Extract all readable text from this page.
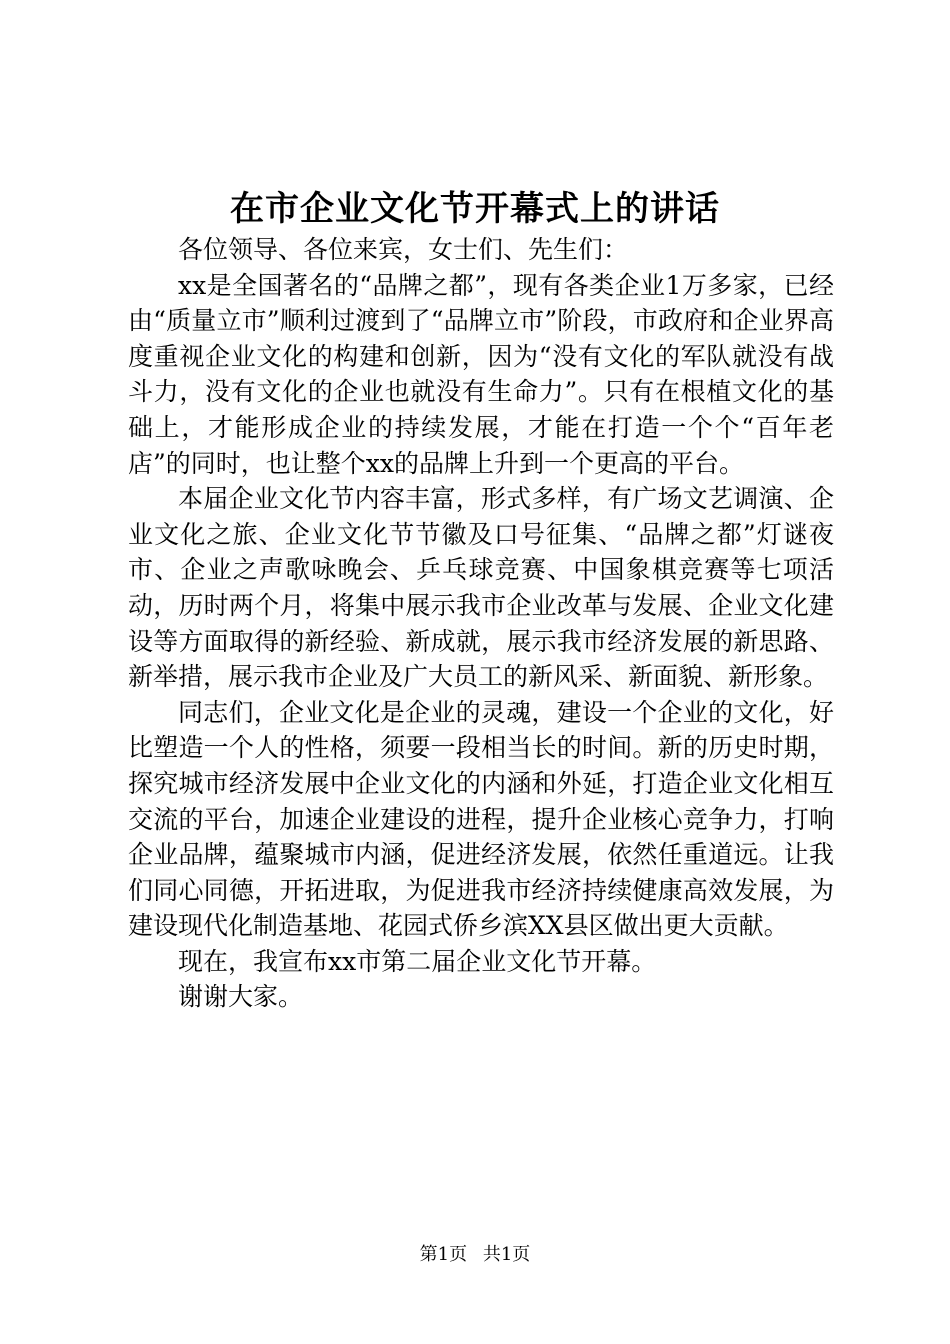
在市企业文化节开幕式上的讲话

各位领导、各位来宾，女士们、先生们：

xx是全国著名的“品牌之都”，现有各类企业1万多家，已经由“质量立市”顺利过渡到了“品牌立市”阶段，市政府和企业界高度重视企业文化的构建和创新，因为“没有文化的军队就没有战斗力，没有文化的企业也就没有生命力”。只有在根植文化的基础上，才能形成企业的持续发展，才能在打造一个个“百年老店”的同时，也让整个xx的品牌上升到一个更高的平台。

本届企业文化节内容丰富，形式多样，有广场文艺调演、企业文化之旅、企业文化节节徽及口号征集、“品牌之都”灯谜夜市、企业之声歌咏晚会、乒乓球竞赛、中国象棋竞赛等七项活动，历时两个月，将集中展示我市企业改革与发展、企业文化建设等方面取得的新经验、新成就，展示我市经济发展的新思路、新举措，展示我市企业及广大员工的新风采、新面貌、新形象。

同志们，企业文化是企业的灵魂，建设一个企业的文化，好比塑造一个人的性格，须要一段相当长的时间。新的历史时期，探究城市经济发展中企业文化的内涵和外延，打造企业文化相互交流的平台，加速企业建设的进程，提升企业核心竞争力，打响企业品牌，蕴聚城市内涵，促进经济发展，依然任重道远。让我们同心同德，开拓进取，为促进我市经济持续健康高效发展，为建设现代化制造基地、花园式侨乡滨XX县区做出更大贡献。

现在，我宣布xx市第二届企业文化节开幕。

谢谢大家。

第1页 共1页
